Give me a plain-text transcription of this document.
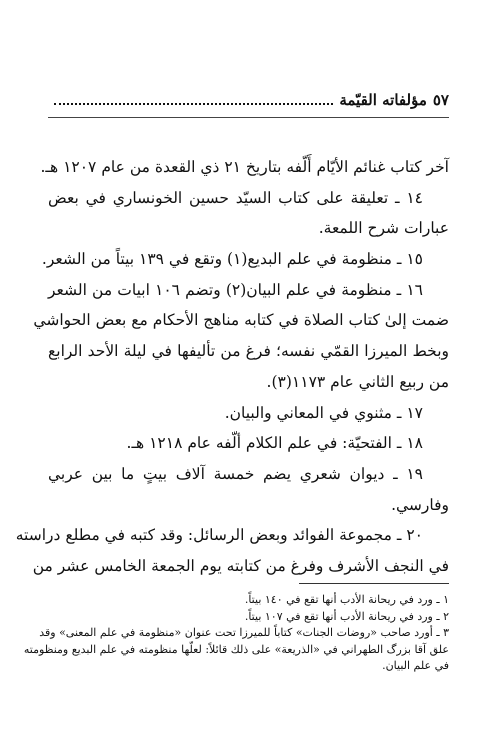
٥٧
مؤلفاته القيّمة
آخر كتاب غنائم الأيّام أَلّفه بتاريخ ٢١ ذي القعدة من عام ١٢٠٧ هـ.
١٤ ـ تعليقة على كتاب السيّد حسين الخونساري في بعض
عبارات شرح اللمعة.
١٥ ـ منظومة في علم البديع(١) وتقع في ١٣٩ بيتاً من الشعر.
١٦ ـ منظومة في علم البيان(٢) وتضم ١٠٦ ابيات من الشعر
ضمت إلىٰ كتاب الصلاة في كتابه مناهج الأحكام مع بعض الحواشي
وبخط الميرزا القمّي نفسه؛ فرغ من تأليفها في ليلة الأحد الرابع
من ربيع الثاني عام ١١٧٣(٣).
١٧ ـ مثنوي في المعاني والبيان.
١٨ ـ الفتحيّة: في علم الكلام ألّفه عام ١٢١٨ هـ.
١٩ ـ ديوان شعري يضم خمسة آلاف بيتٍ ما بين عربي
وفارسي.
٢٠ ـ مجموعة الفوائد وبعض الرسائل: وقد كتبه في مطلع دراسته
في النجف الأشرف وفرغ من كتابته يوم الجمعة الخامس عشر من
١ ـ ورد في ريحانة الأدب أنها تقع في ١٤٠ بيتاً.
٢ ـ ورد في ريحانة الأدب أنها تقع في ١٠٧ بيتاً.
٣ ـ أورد صاحب «روضات الجنات» كتاباً للميرزا تحت عنوان «منظومة في علم المعنى» وقد
علق آقا بزرگ الطهراني في «الذريعة» على ذلك قائلاً: لعلّها منظومته في علم البديع ومنظومته
في علم البيان.
